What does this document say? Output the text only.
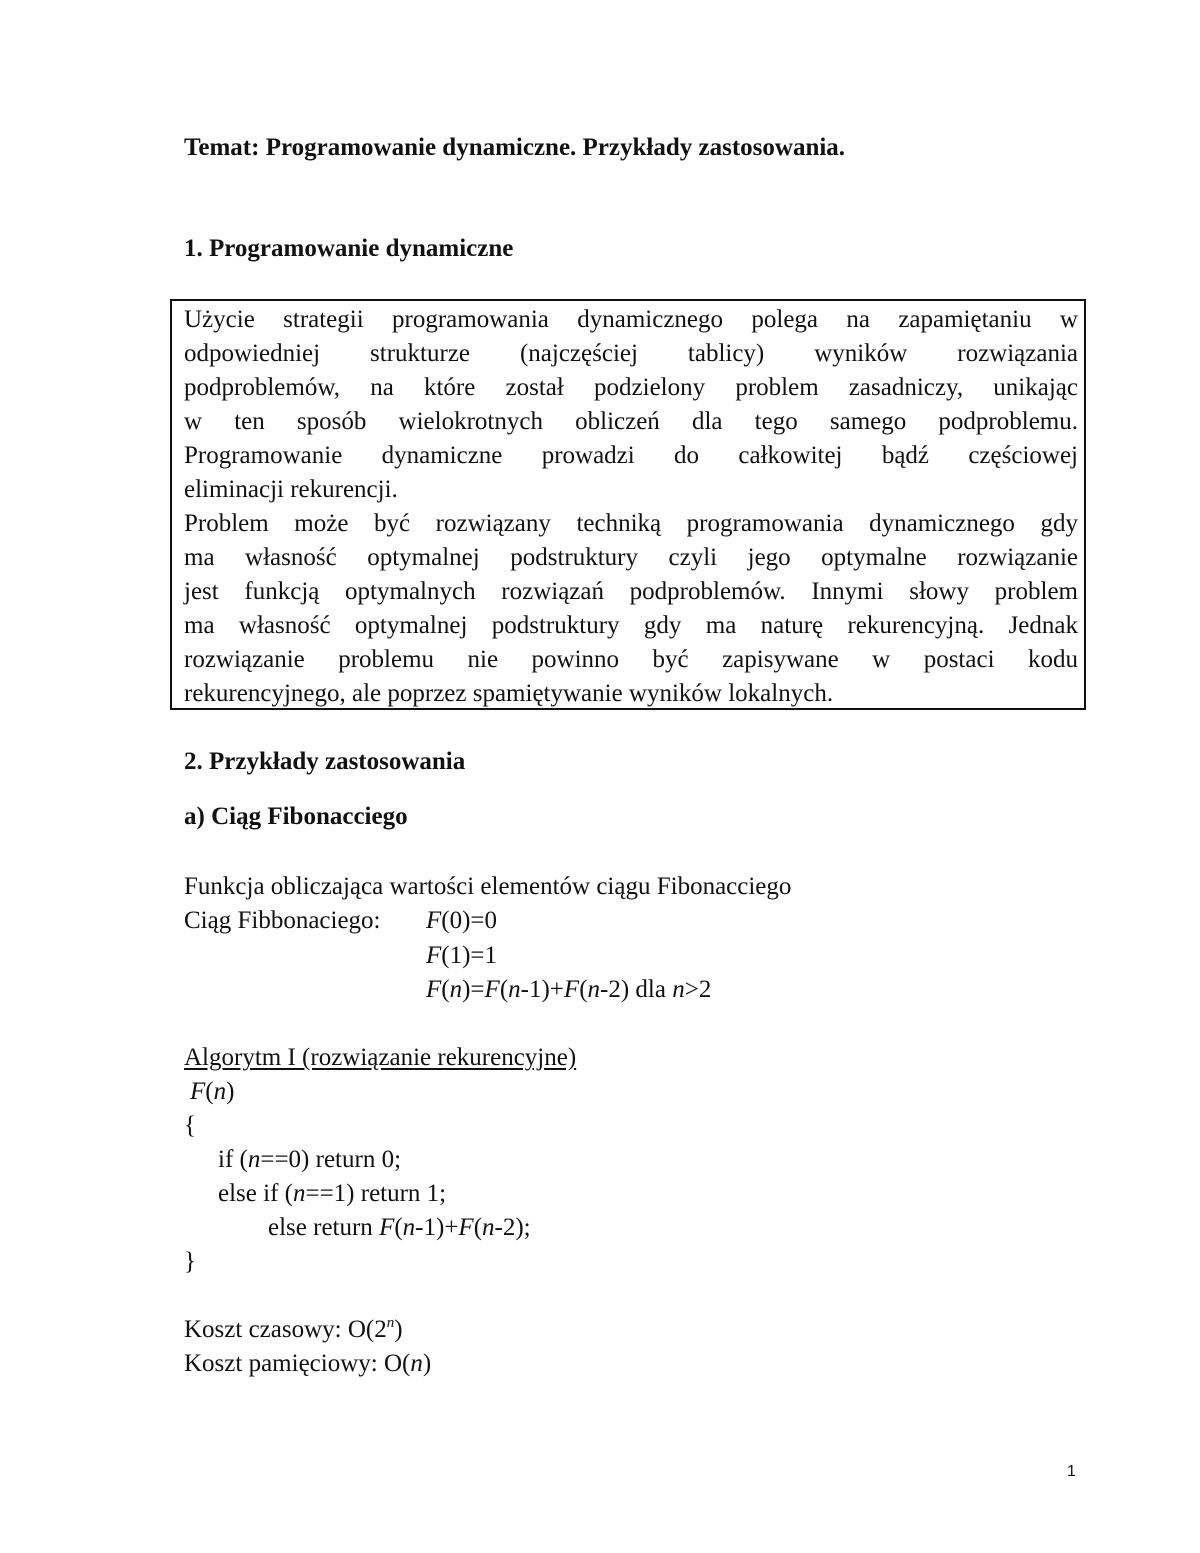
Temat: Programowanie dynamiczne. Przykłady zastosowania.
1. Programowanie dynamiczne
Użycie strategii programowania dynamicznego polega na zapamiętaniu w
odpowiedniej strukturze (najczęściej tablicy) wyników rozwiązania
podproblemów, na które został podzielony problem zasadniczy, unikając
w ten sposób wielokrotnych obliczeń dla tego samego podproblemu.
Programowanie dynamiczne prowadzi do całkowitej bądź częściowej
eliminacji rekurencji.
Problem może być rozwiązany techniką programowania dynamicznego gdy
ma własność optymalnej podstruktury czyli jego optymalne rozwiązanie
jest funkcją optymalnych rozwiązań podproblemów. Innymi słowy problem
ma własność optymalnej podstruktury gdy ma naturę rekurencyjną. Jednak
rozwiązanie problemu nie powinno być zapisywane w postaci kodu
rekurencyjnego, ale poprzez spamiętywanie wyników lokalnych.
2. Przykłady zastosowania
a) Ciąg Fibonacciego
Funkcja obliczająca wartości elementów ciągu Fibonacciego
Ciąg Fibbonaciego: F(0)=0
F(1)=1
F(n)=F(n-1)+F(n-2) dla n>2
Algorytm I (rozwiązanie rekurencyjne)
F(n)
{
if (n==0) return 0;
else if (n==1) return 1;
else return F(n-1)+F(n-2);
}
Koszt czasowy: O(2$^n$)
Koszt pamięciowy: O(n)
1
